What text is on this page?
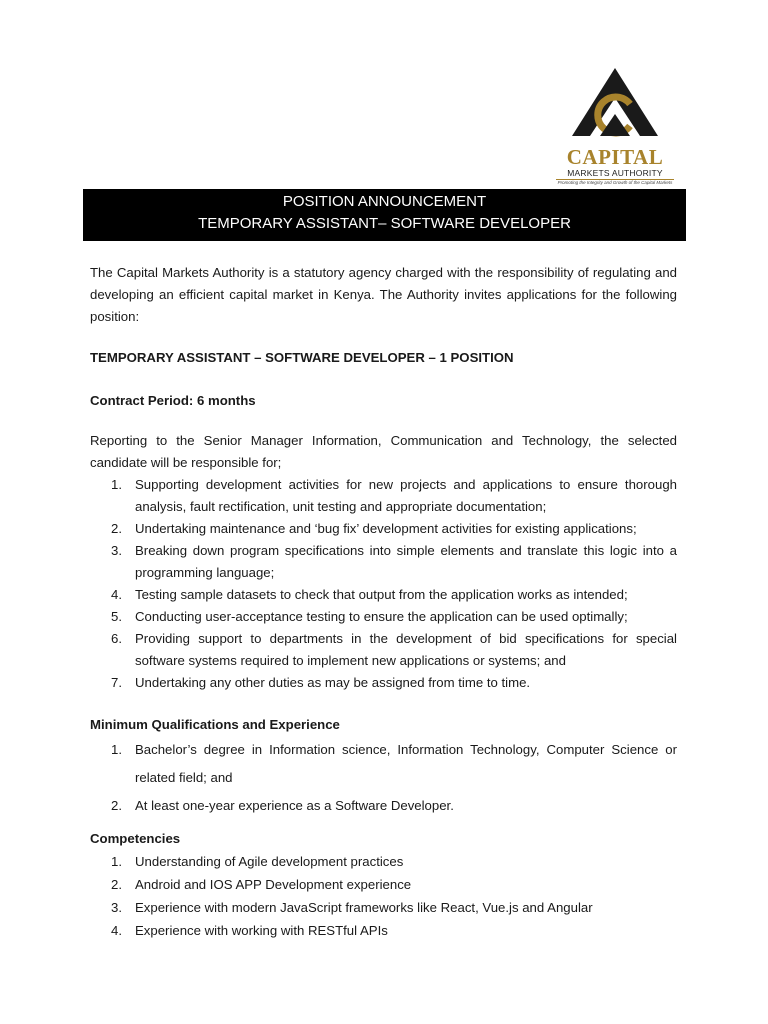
CAPITAL
MARKETS AUTHORITY
Promoting the Integrity and Growth of the Capital Markets
POSITION ANNOUNCEMENT
TEMPORARY ASSISTANT– SOFTWARE DEVELOPER

The Capital Markets Authority is a statutory agency charged with the responsibility of regulating and developing an efficient capital market in Kenya. The Authority invites applications for the following position:

TEMPORARY ASSISTANT – SOFTWARE DEVELOPER – 1 POSITION

Contract Period: 6 months

Reporting to the Senior Manager Information, Communication and Technology, the selected candidate will be responsible for;

1. Supporting development activities for new projects and applications to ensure thorough analysis, fault rectification, unit testing and appropriate documentation;
2. Undertaking maintenance and ‘bug fix’ development activities for existing applications;
3. Breaking down program specifications into simple elements and translate this logic into a programming language;
4. Testing sample datasets to check that output from the application works as intended;
5. Conducting user-acceptance testing to ensure the application can be used optimally;
6. Providing support to departments in the development of bid specifications for special software systems required to implement new applications or systems; and
7. Undertaking any other duties as may be assigned from time to time.

Minimum Qualifications and Experience

1. Bachelor’s degree in Information science, Information Technology, Computer Science or related field; and
2. At least one-year experience as a Software Developer.

Competencies

1. Understanding of Agile development practices
2. Android and IOS APP Development experience
3. Experience with modern JavaScript frameworks like React, Vue.js and Angular
4. Experience with working with RESTful APIs
